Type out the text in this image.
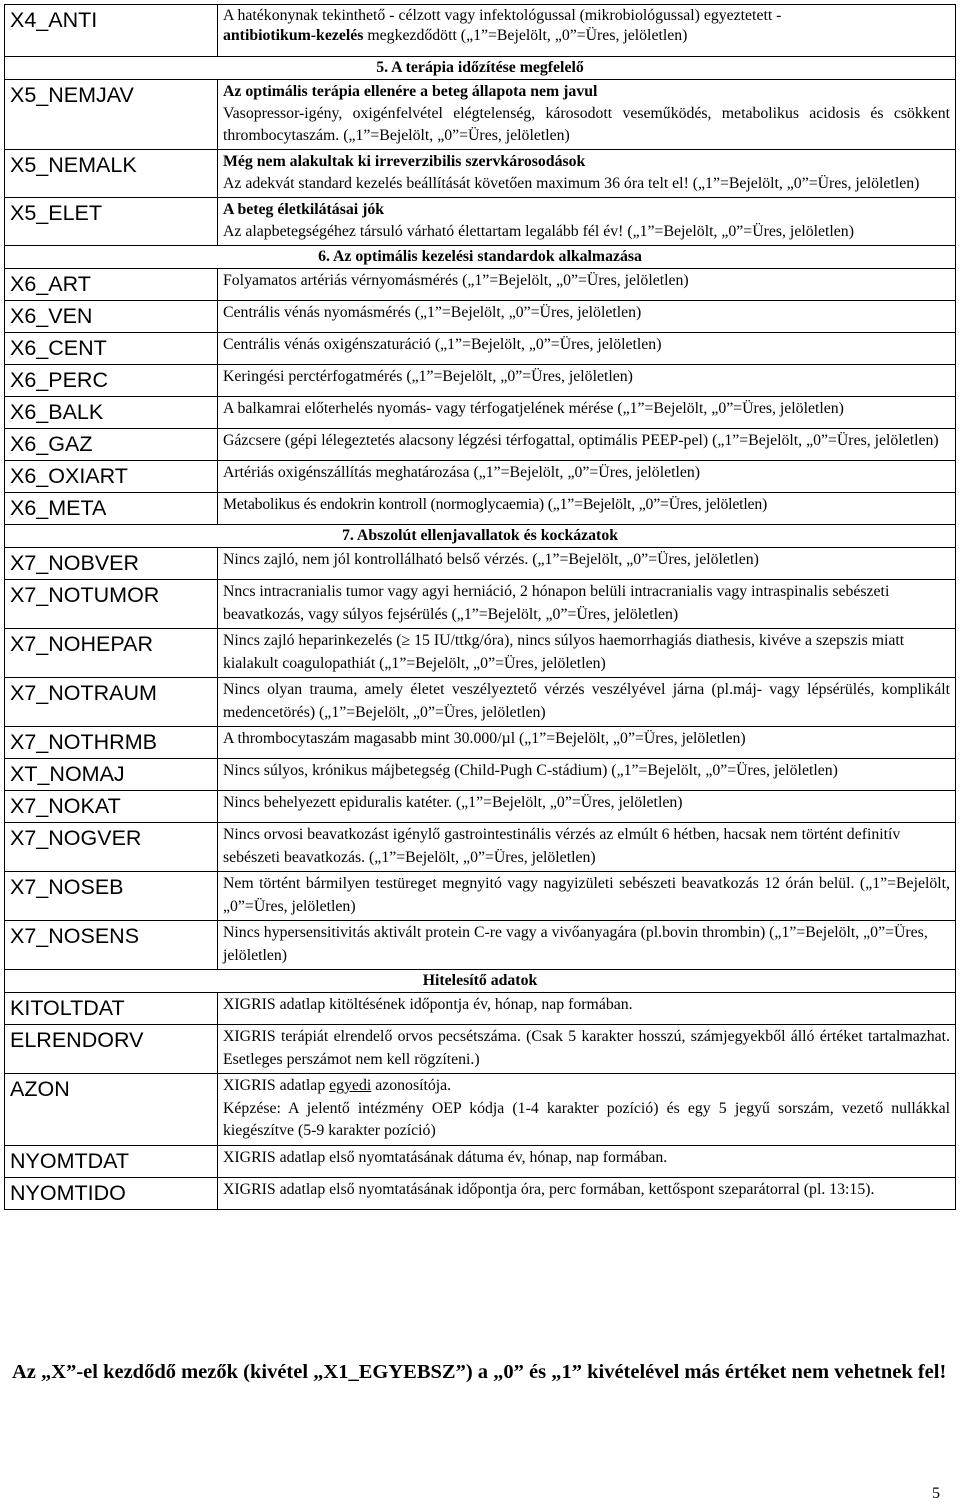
X4_ANTI	A hatékonynak tekinthető - célzott vagy infektológussal (mikrobiológussal) egyeztetett -
antibiotikum-kezelés megkezdődött („1”=Bejelölt, „0”=Üres, jelöletlen)
5. A terápia időzítése megfelelő	
X5_NEMJAV	Az optimális terápia ellenére a beteg állapota nem javul
Vasopressor-igény, oxigénfelvétel elégtelenség, károsodott veseműködés, metabolikus acidosis és csökkent thrombocytaszám. („1”=Bejelölt, „0”=Üres, jelöletlen)

X5_NEMALK	Még nem alakultak ki irreverzibilis szervkárosodások
Az adekvát standard kezelés beállítását követően maximum 36 óra telt el! („1”=Bejelölt, „0”=Üres, jelöletlen)

X5_ELET	A beteg életkilátásai jók
Az alapbetegségéhez társuló várható élettartam legalább fél év! („1”=Bejelölt, „0”=Üres, jelöletlen)

6. Az optimális kezelési standardok alkalmazása	
X6_ART	Folyamatos artériás vérnyomásmérés („1”=Bejelölt, „0”=Üres, jelöletlen)
X6_VEN	Centrális vénás nyomásmérés („1”=Bejelölt, „0”=Üres, jelöletlen)
X6_CENT	Centrális vénás oxigénszaturáció („1”=Bejelölt, „0”=Üres, jelöletlen)
X6_PERC	Keringési perctérfogatmérés („1”=Bejelölt, „0”=Üres, jelöletlen)
X6_BALK	A balkamrai előterhelés nyomás- vagy térfogatjelének mérése („1”=Bejelölt, „0”=Üres, jelöletlen)
X6_GAZ	Gázcsere (gépi lélegeztetés alacsony légzési térfogattal, optimális PEEP-pel) („1”=Bejelölt, „0”=Üres, jelöletlen)
X6_OXIART	Artériás oxigénszállítás meghatározása („1”=Bejelölt, „0”=Üres, jelöletlen)
X6_META	Metabolikus és endokrin kontroll (normoglycaemia) („1”=Bejelölt, „0”=Üres, jelöletlen)
7. Abszolút ellenjavallatok és kockázatok	
X7_NOBVER	Nincs zajló, nem jól kontrollálható belső vérzés. („1”=Bejelölt, „0”=Üres, jelöletlen)
X7_NOTUMOR	Nncs intracranialis tumor vagy agyi herniáció, 2 hónapon belüli intracranialis vagy intraspinalis sebészeti beavatkozás, vagy súlyos fejsérülés („1”=Bejelölt, „0”=Üres, jelöletlen)
X7_NOHEPAR	Nincs zajló heparinkezelés (≥ 15 IU/ttkg/óra), nincs súlyos haemorrhagiás diathesis, kivéve a szepszis miatt kialakult coagulopathiát („1”=Bejelölt, „0”=Üres, jelöletlen)
X7_NOTRAUM	Nincs olyan trauma, amely életet veszélyeztető vérzés veszélyével járna (pl.máj- vagy lépsérülés, komplikált medencetörés) („1”=Bejelölt, „0”=Üres, jelöletlen)
X7_NOTHRMB	A thrombocytaszám magasabb mint 30.000/µl („1”=Bejelölt, „0”=Üres, jelöletlen)
XT_NOMAJ	Nincs súlyos, krónikus májbetegség (Child-Pugh C-stádium) („1”=Bejelölt, „0”=Üres, jelöletlen)
X7_NOKAT	Nincs behelyezett epiduralis katéter. („1”=Bejelölt, „0”=Üres, jelöletlen)
X7_NOGVER	Nincs orvosi beavatkozást igénylő gastrointestinális vérzés az elmúlt 6 hétben, hacsak nem történt definitív sebészeti beavatkozás. („1”=Bejelölt, „0”=Üres, jelöletlen)
X7_NOSEB	Nem történt bármilyen testüreget megnyitó vagy nagyizületi sebészeti beavatkozás 12 órán belül. („1”=Bejelölt, „0”=Üres, jelöletlen)
X7_NOSENS	Nincs hypersensitivitás aktivált protein C-re vagy a vivőanyagára (pl.bovin thrombin) („1”=Bejelölt, „0”=Üres, jelöletlen)
Hitelesítő adatok	
KITOLTDAT	XIGRIS adatlap kitöltésének időpontja év, hónap, nap formában.
ELRENDORV	XIGRIS terápiát elrendelő orvos pecsétszáma. (Csak 5 karakter hosszú, számjegyekből álló értéket tartalmazhat. Esetleges perszámot nem kell rögzíteni.)
AZON	XIGRIS adatlap egyedi azonosítója.
Képzése: A jelentő intézmény OEP kódja (1-4 karakter pozíció) és egy 5 jegyű sorszám, vezető nullákkal kiegészítve (5-9 karakter pozíció)

NYOMTDAT	XIGRIS adatlap első nyomtatásának dátuma év, hónap, nap formában.
NYOMTIDO	XIGRIS adatlap első nyomtatásának időpontja óra, perc formában, kettőspont szeparátorral (pl. 13:15).
Az „X”-el kezdődő mezők (kivétel „X1_EGYEBSZ”) a „0” és „1” kivételével más értéket nem vehetnek fel!
5
